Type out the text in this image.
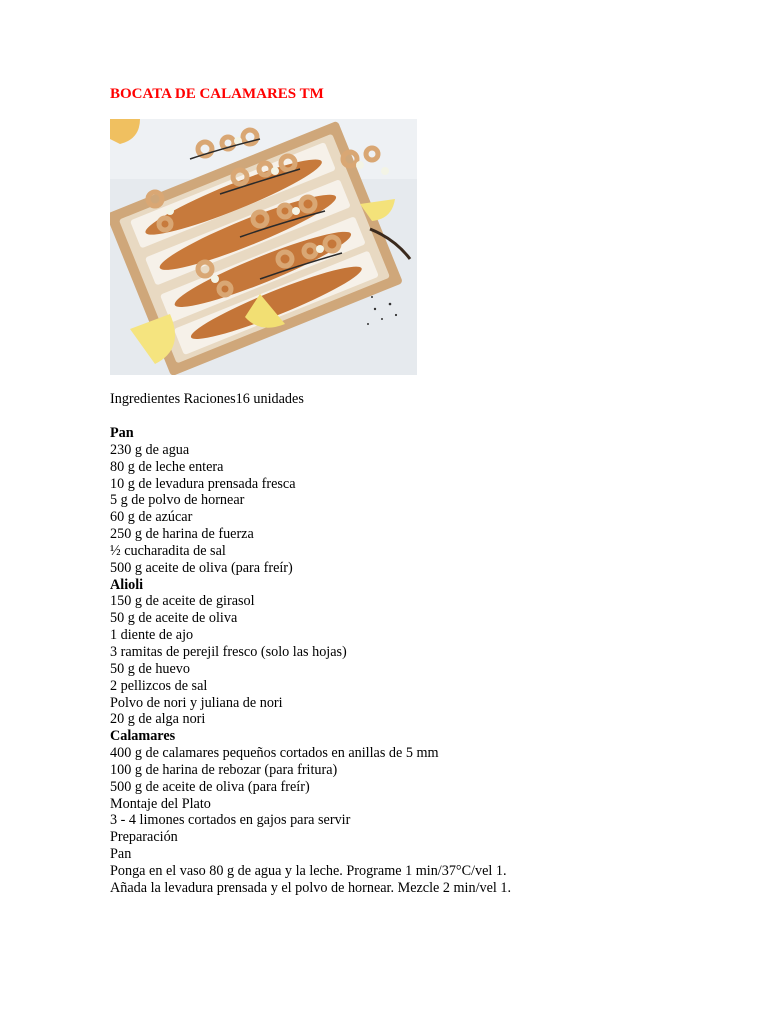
BOCATA DE CALAMARES TM
Ingredientes Raciones16 unidades
Pan
230 g de agua
80 g de leche entera
10 g de levadura prensada fresca
5 g de polvo de hornear
60 g de azúcar
250 g de harina de fuerza
½ cucharadita de sal
500 g aceite de oliva (para freír)
Alioli
150 g de aceite de girasol
50 g de aceite de oliva
1 diente de ajo
3 ramitas de perejil fresco (solo las hojas)
50 g de huevo
2 pellizcos de sal
Polvo de nori y juliana de nori
20 g de alga nori
Calamares
400 g de calamares pequeños cortados en anillas de 5 mm
100 g de harina de rebozar (para fritura)
500 g de aceite de oliva (para freír)
Montaje del Plato
3 - 4 limones cortados en gajos para servir
Preparación
Pan
Ponga en el vaso 80 g de agua y la leche. Programe 1 min/37°C/vel 1.
Añada la levadura prensada y el polvo de hornear. Mezcle 2 min/vel 1.
